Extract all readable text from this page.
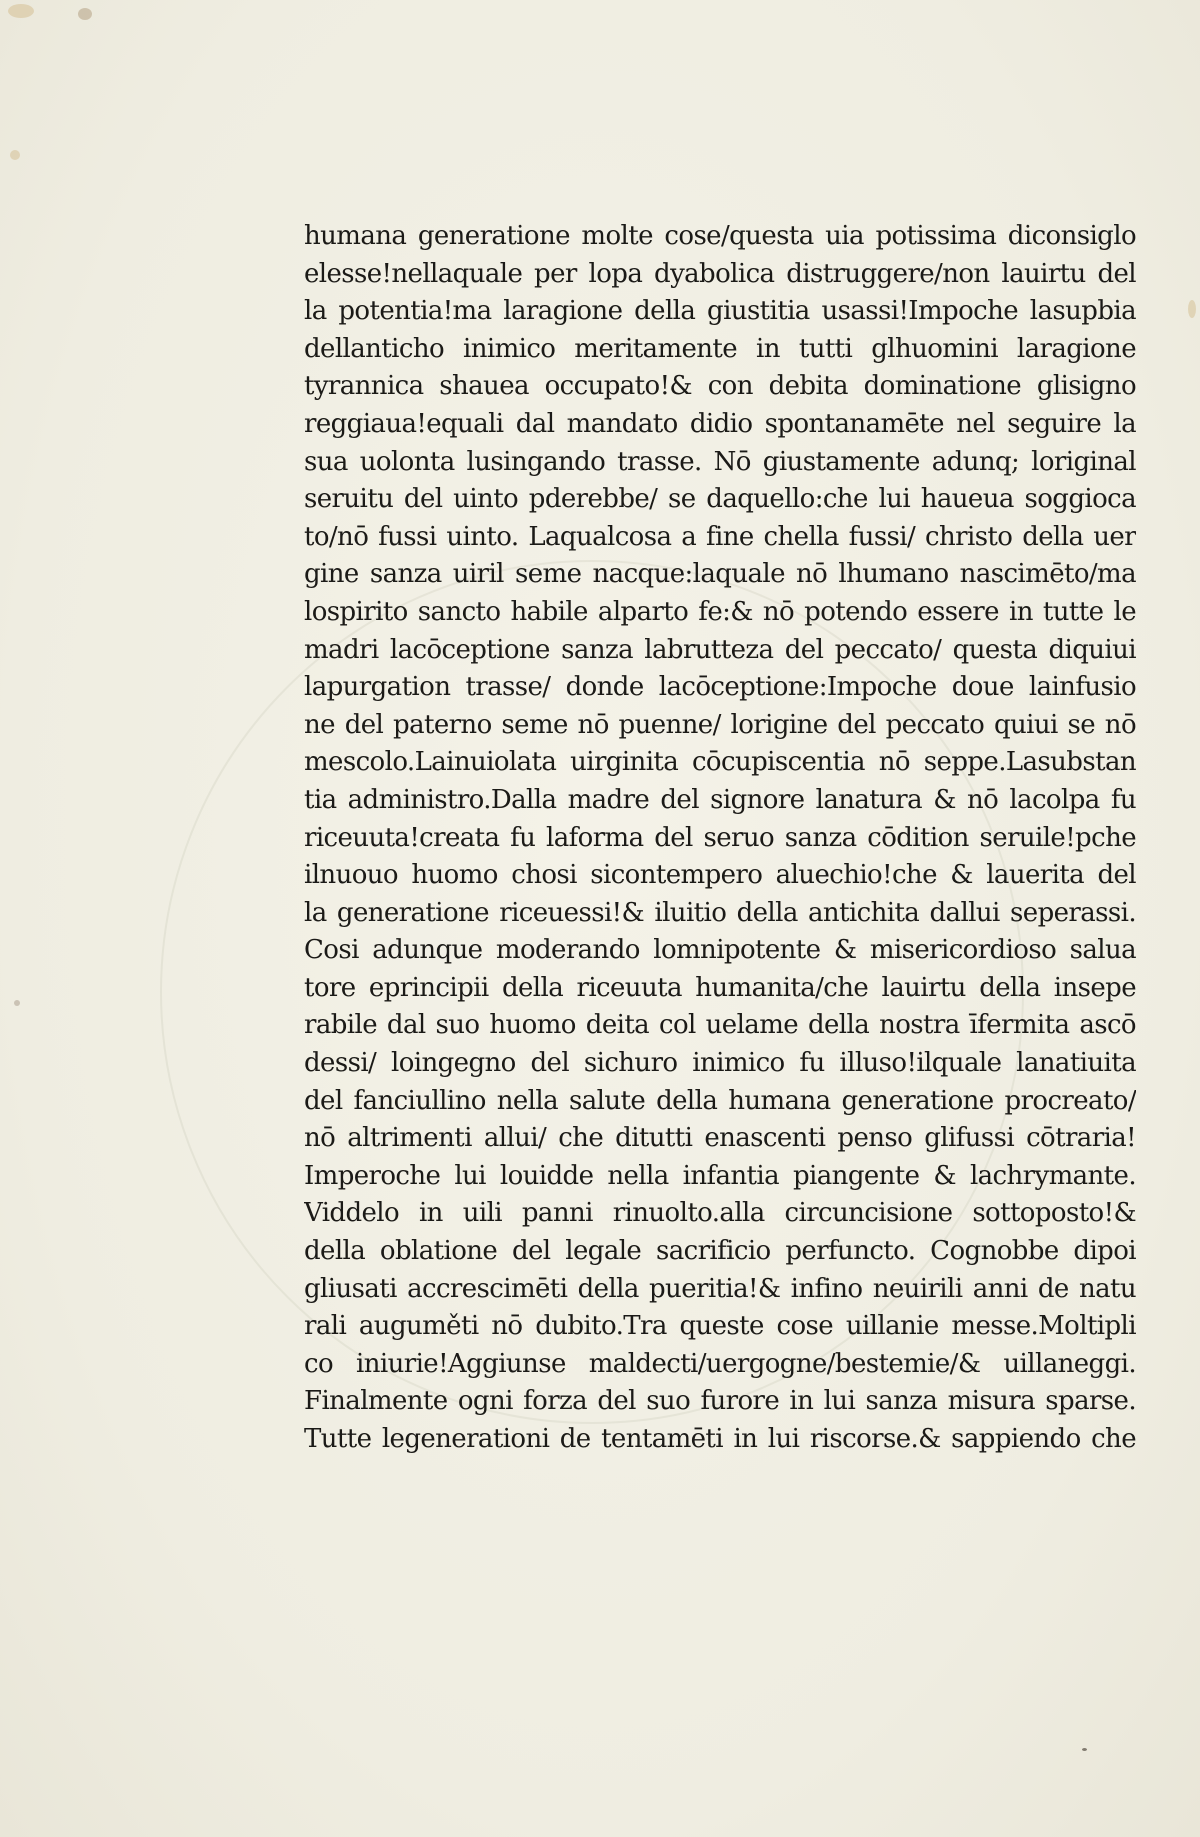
humana generatione molte cose/questa uia potissima diconsiglo
elesse!nellaquale per lopa dyabolica distruggere/non lauirtu del
la potentia!ma laragione della giustitia usassi!Impoche lasupbia
dellanticho inimico meritamente in tutti glhuomini laragione
tyrannica shauea occupato!& con debita dominatione glisigno
reggiaua!equali dal mandato didio spontanamēte nel seguire la
sua uolonta lusingando trasse. Nō giustamente adunq; loriginal
seruitu del uinto pderebbe/ se daquello:che lui haueua soggioca
to/nō fussi uinto. Laqualcosa a fine chella fussi/ christo della uer
gine sanza uiril seme nacque:laquale nō lhumano nascimēto/ma
lospirito sancto habile alparto fe:& nō potendo essere in tutte le
madri lacōceptione sanza labrutteza del peccato/ questa diquiui
lapurgation trasse/ donde lacōceptione:Impoche doue lainfusio
ne del paterno seme nō puenne/ lorigine del peccato quiui se nō
mescolo.Lainuiolata uirginita cōcupiscentia nō seppe.Lasubstan
tia administro.Dalla madre del signore lanatura & nō lacolpa fu
riceuuta!creata fu laforma del seruo sanza cōdition seruile!pche
ilnuouo huomo chosi sicontempero aluechio!che & lauerita del
la generatione riceuessi!& iluitio della antichita dallui seperassi.
Cosi adunque moderando lomnipotente & misericordioso salua
tore eprincipii della riceuuta humanita/che lauirtu della insepe
rabile dal suo huomo deita col uelame della nostra īfermita ascō
dessi/ loingegno del sichuro inimico fu illuso!ilquale lanatiuita
del fanciullino nella salute della humana generatione procreato/
nō altrimenti allui/ che ditutti enascenti penso glifussi cōtraria!
Imperoche lui louidde nella infantia piangente & lachrymante.
Viddelo in uili panni rinuolto.alla circuncisione sottoposto!&
della oblatione del legale sacrificio perfuncto. Cognobbe dipoi
gliusati accrescimēti della pueritia!& infino neuirili anni de natu
rali auguměti nō dubito.Tra queste cose uillanie messe.Moltipli
co iniurie!Aggiunse maldecti/uergogne/bestemie/& uillaneggi.
Finalmente ogni forza del suo furore in lui sanza misura sparse.
Tutte legenerationi de tentamēti in lui riscorse.& sappiendo che
